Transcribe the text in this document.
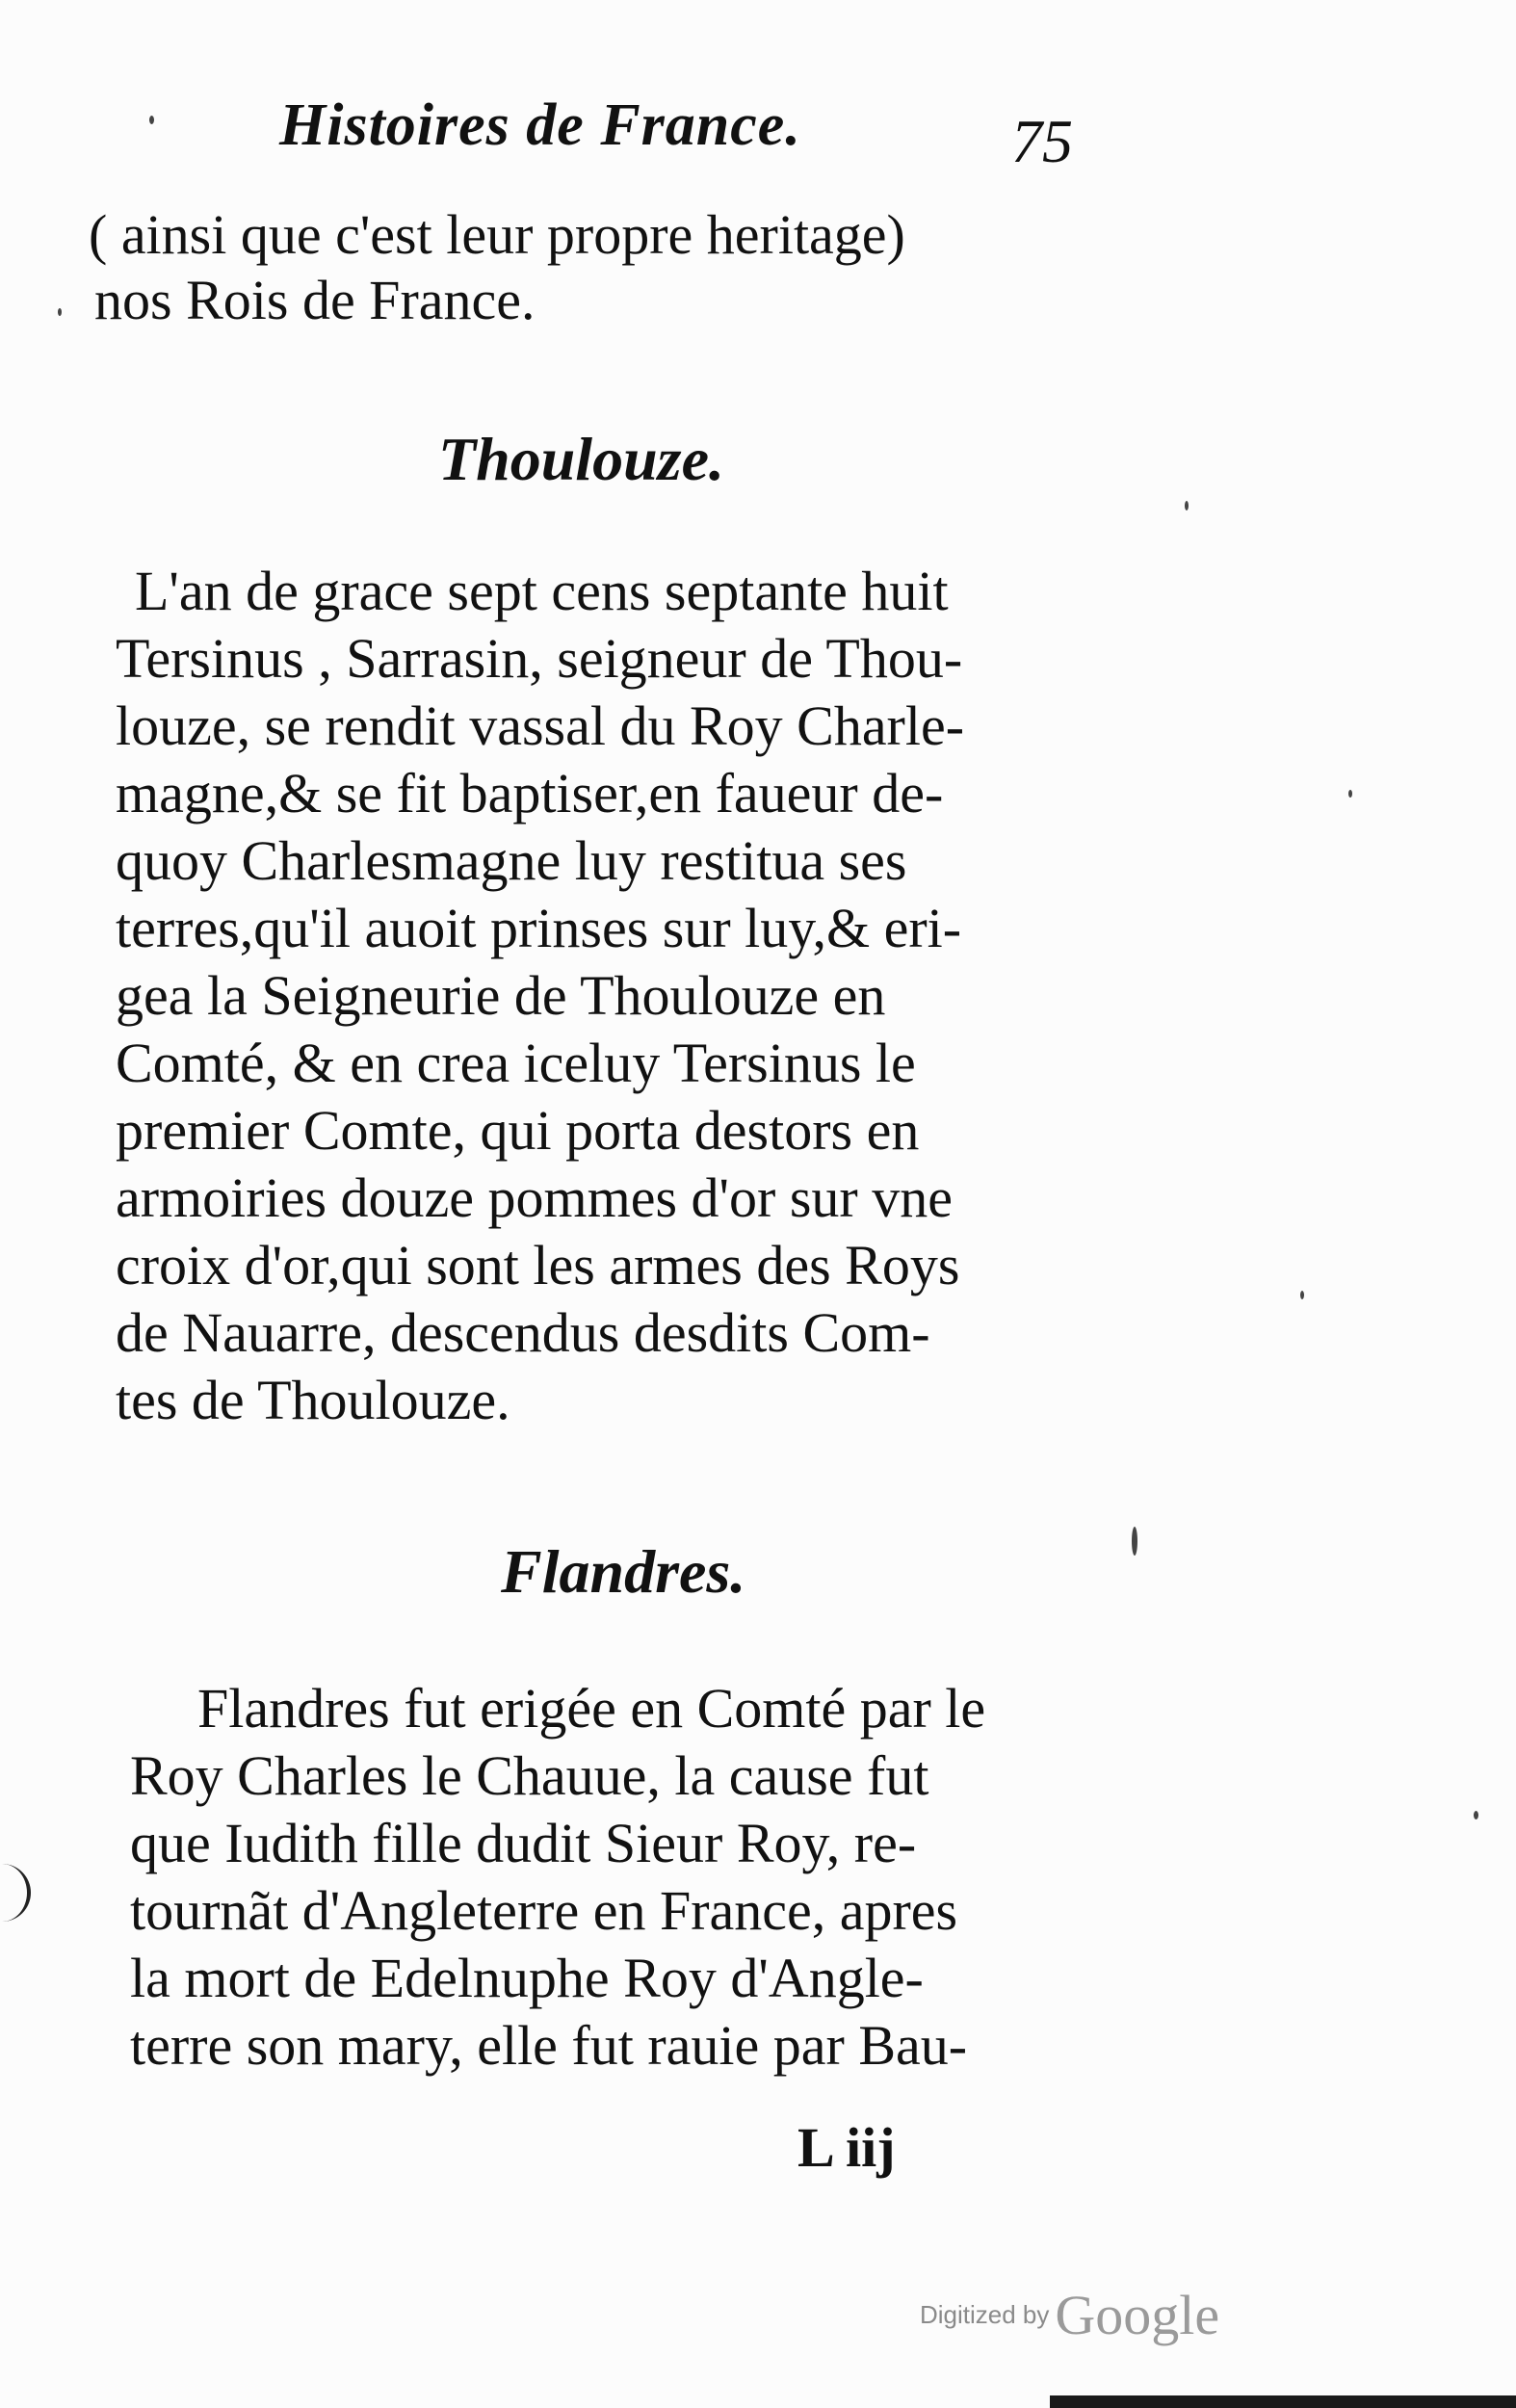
Histoires de France.	75
( ainsi que c'est leur propre heritage)
nos Rois de France.
Thoulouze.
L'an de grace sept cens septante huit
Tersinus , Sarrasin, seigneur de Thou-
louze, se rendit vassal du Roy Charle-
magne,& se fit baptiser,en faueur de-
quoy Charlesmagne luy restitua ses
terres,qu'il auoit prinses sur luy,& eri-
gea la Seigneurie de Thoulouze en
Comté, & en crea iceluy Tersinus le
premier Comte, qui porta destors en
armoiries douze pommes d'or sur vne
croix d'or,qui sont les armes des Roys
de Nauarre, descendus desdits Com-
tes de Thoulouze.
Flandres.
Flandres fut erigée en Comté par le
Roy Charles le Chauue, la cause fut
que Iudith fille dudit Sieur Roy, re-
tournãt d'Angleterre en France, apres
la mort de Edelnuphe Roy d'Angle-
terre son mary, elle fut rauie par Bau-
L iij
Digitized by Google
